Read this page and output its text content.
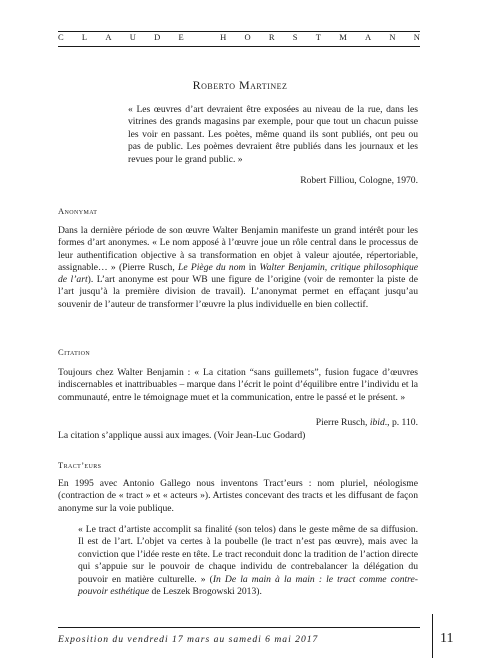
C L A U D E	H O R S T M A N N
Roberto Martinez
« Les œuvres d’art devraient être exposées au niveau de la rue, dans les vitrines des grands magasins par exemple, pour que tout un chacun puisse les voir en passant. Les poètes, même quand ils sont publiés, ont peu ou pas de public. Les poèmes devraient être publiés dans les journaux et les revues pour le grand public. »
Robert Filliou, Cologne, 1970.
Anonymat
Dans la dernière période de son œuvre Walter Benjamin manifeste un grand intérêt pour les formes d’art anonymes. « Le nom apposé à l’œuvre joue un rôle central dans le processus de leur authentification objective à sa transformation en objet à valeur ajoutée, répertoriable, assignable… » (Pierre Rusch, Le Piège du nom in Walter Benjamin, critique philosophique de l’art). L’art anonyme est pour WB une figure de l’origine (voir de remonter la piste de l’art jusqu’à la première division de travail). L’anonymat permet en effaçant jusqu’au souvenir de l’auteur de transformer l’œuvre la plus individuelle en bien collectif.
Citation
Toujours chez Walter Benjamin : « La citation “sans guillemets”, fusion fugace d’œuvres indiscernables et inattribuables – marque dans l’écrit le point d’équilibre entre l’individu et la communauté, entre le témoignage muet et la communication, entre le passé et le présent. »
Pierre Rusch, ibid., p. 110.
La citation s’applique aussi aux images. (Voir Jean-Luc Godard)
Tract’eurs
En 1995 avec Antonio Gallego nous inventons Tract’eurs : nom pluriel, néologisme (contraction de « tract » et « acteurs »). Artistes concevant des tracts et les diffusant de façon anonyme sur la voie publique.
« Le tract d’artiste accomplit sa finalité (son telos) dans le geste même de sa diffusion. Il est de l’art. L’objet va certes à la poubelle (le tract n’est pas œuvre), mais avec la conviction que l’idée reste en tête. Le tract reconduit donc la tradition de l’action directe qui s’appuie sur le pouvoir de chaque individu de contrebalancer la délégation du pouvoir en matière culturelle. » (In De la main à la main : le tract comme contre-pouvoir esthétique de Leszek Brogowski 2013).
Exposition du vendredi 17 mars au samedi 6 mai 2017	11
